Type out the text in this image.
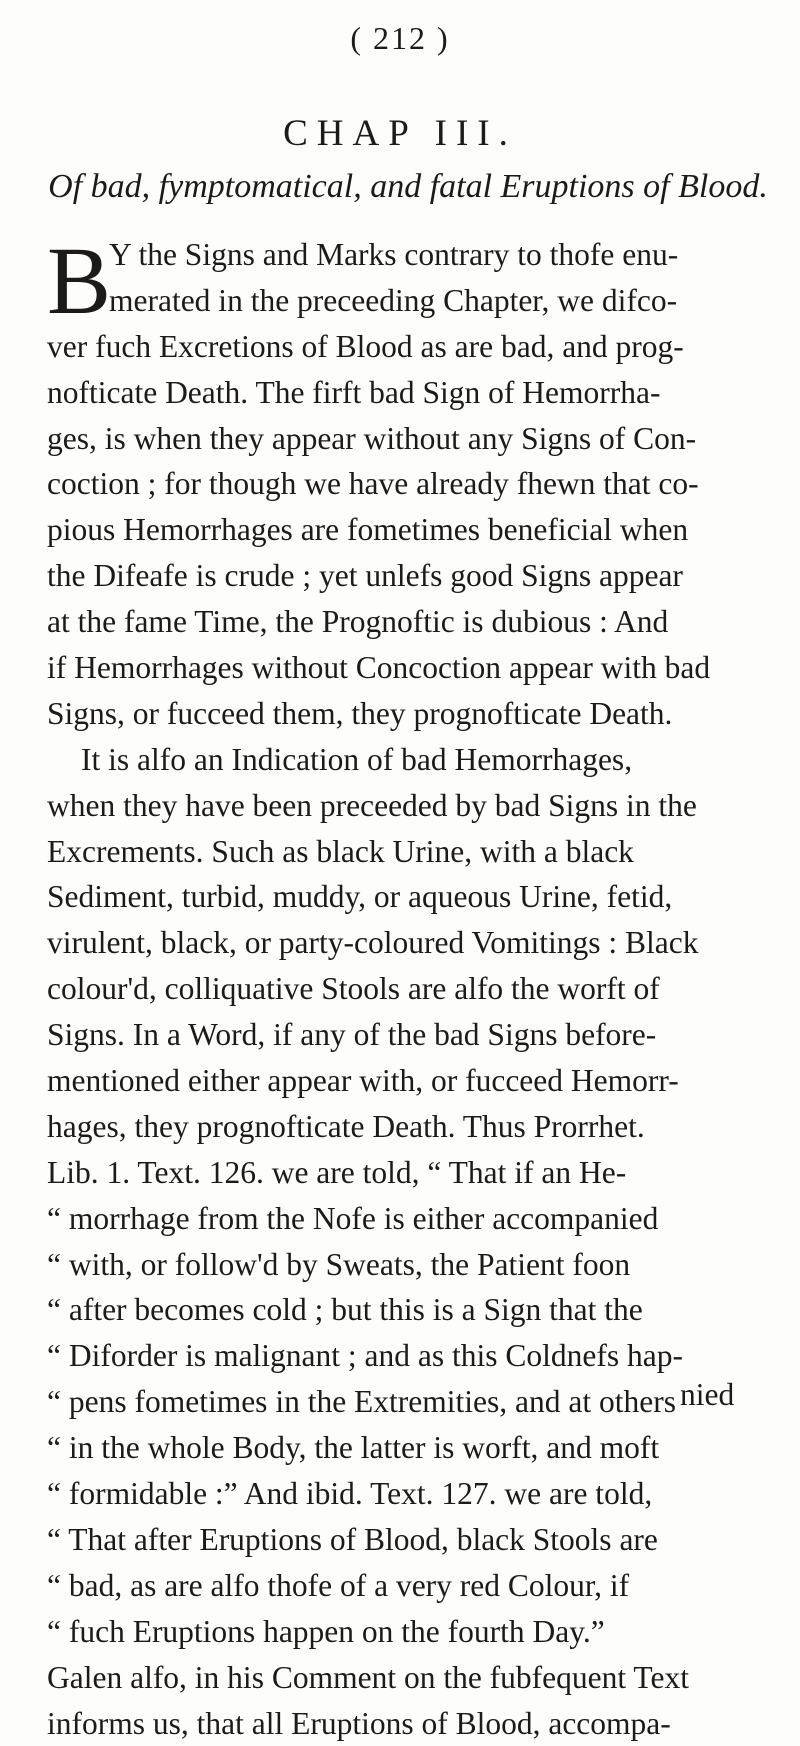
( 212 )
CHAP III.
Of bad, fymptomatical, and fatal Eruptions of Blood.
B
Y the Signs and Marks contrary to thofe enu-
merated in the preceeding Chapter, we difco-
ver fuch Excretions of Blood as are bad, and prog-
nofticate Death. The firft bad Sign of Hemorrha-
ges, is when they appear without any Signs of Con-
coction ; for though we have already fhewn that co-
pious Hemorrhages are fometimes beneficial when
the Difeafe is crude ; yet unlefs good Signs appear
at the fame Time, the Prognoftic is dubious : And
if Hemorrhages without Concoction appear with bad
Signs, or fucceed them, they prognofticate Death.
It is alfo an Indication of bad Hemorrhages,
when they have been preceeded by bad Signs in the
Excrements. Such as black Urine, with a black
Sediment, turbid, muddy, or aqueous Urine, fetid,
virulent, black, or party-coloured Vomitings : Black
colour'd, colliquative Stools are alfo the worft of
Signs. In a Word, if any of the bad Signs before-
mentioned either appear with, or fucceed Hemorr-
hages, they prognofticate Death. Thus Prorrhet.
Lib. 1. Text. 126. we are told, “ That if an He-
“ morrhage from the Nofe is either accompanied
“ with, or follow'd by Sweats, the Patient foon
“ after becomes cold ; but this is a Sign that the
“ Diforder is malignant ; and as this Coldnefs hap-
“ pens fometimes in the Extremities, and at others
“ in the whole Body, the latter is worft, and moft
“ formidable :” And ibid. Text. 127. we are told,
“ That after Eruptions of Blood, black Stools are
“ bad, as are alfo thofe of a very red Colour, if
“ fuch Eruptions happen on the fourth Day.”
Galen alfo, in his Comment on the fubfequent Text
informs us, that all Eruptions of Blood, accompa-
nied
